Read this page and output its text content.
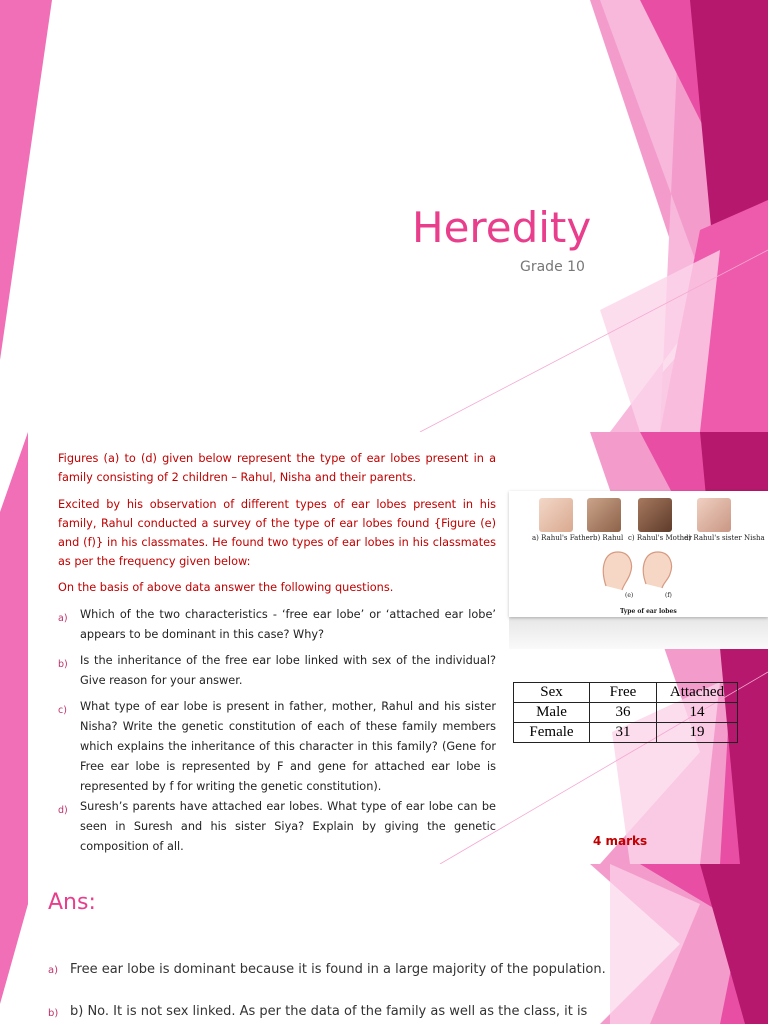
Heredity
Grade 10
Figures (a) to (d) given below represent the type of ear lobes present in a family consisting of 2 children – Rahul, Nisha and their parents.
Excited by his observation of different types of ear lobes present in his family, Rahul conducted a survey of the type of ear lobes found {Figure (e) and (f)} in his classmates. He found two types of ear lobes in his classmates as per the frequency given below:
On the basis of above data answer the following questions.
a) Which of the two characteristics - ‘free ear lobe’ or ‘attached ear lobe’ appears to be dominant in this case? Why?
b) Is the inheritance of the free ear lobe linked with sex of the individual? Give reason for your answer.
c) What type of ear lobe is present in father, mother, Rahul and his sister Nisha? Write the genetic constitution of each of these family members which explains the inheritance of this character in this family? (Gene for Free ear lobe is represented by F and gene for attached ear lobe is represented by f for writing the genetic constitution).
d) Suresh’s parents have attached ear lobes. What type of ear lobe can be seen in Suresh and his sister Siya? Explain by giving the genetic composition of all.
a) Rahul's Father b) Rahul c) Rahul's Mother
d) Rahul's sister Nisha
(e)	(f)
Type of ear lobes
Sex	Free	Attached
Male	36	14
Female	31	19
4 marks
Ans:
a) Free ear lobe is dominant because it is found in a large majority of the population.
b) b) No. It is not sex linked. As per the data of the family as well as the class, it is
